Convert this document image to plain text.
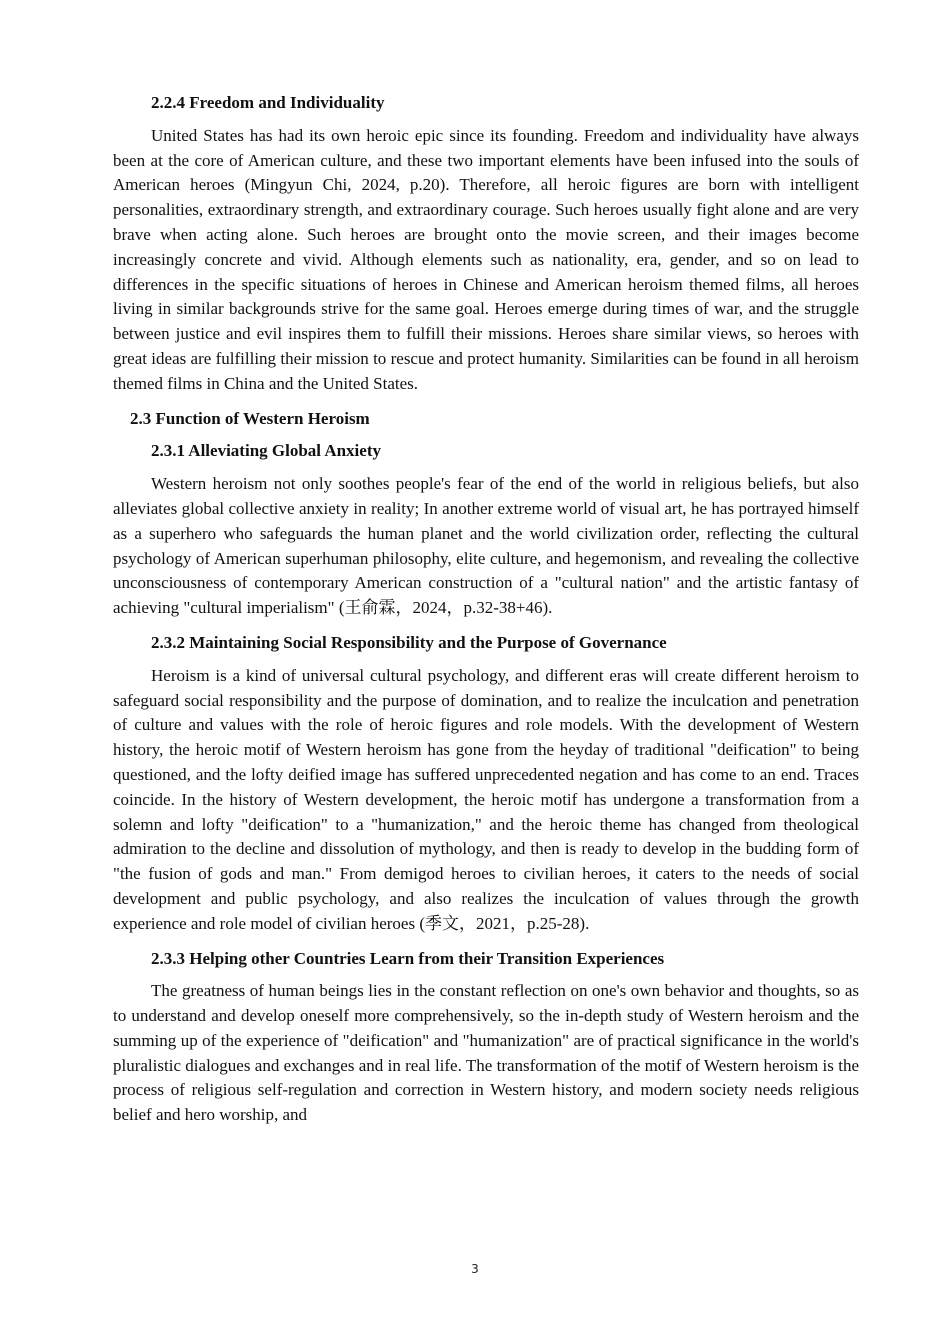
2.2.4 Freedom and Individuality

United States has had its own heroic epic since its founding. Freedom and individuality have always been at the core of American culture, and these two important elements have been infused into the souls of American heroes (Mingyun Chi, 2024, p.20). Therefore, all heroic figures are born with intelligent personalities, extraordinary strength, and extraordinary courage. Such heroes usually fight alone and are very brave when acting alone. Such heroes are brought onto the movie screen, and their images become increasingly concrete and vivid. Although elements such as nationality, era, gender, and so on lead to differences in the specific situations of heroes in Chinese and American heroism themed films, all heroes living in similar backgrounds strive for the same goal. Heroes emerge during times of war, and the struggle between justice and evil inspires them to fulfill their missions. Heroes share similar views, so heroes with great ideas are fulfilling their mission to rescue and protect humanity. Similarities can be found in all heroism themed films in China and the United States.

2.3 Function of Western Heroism
2.3.1 Alleviating Global Anxiety

Western heroism not only soothes people's fear of the end of the world in religious beliefs, but also alleviates global collective anxiety in reality; In another extreme world of visual art, he has portrayed himself as a superhero who safeguards the human planet and the world civilization order, reflecting the cultural psychology of American superhuman philosophy, elite culture, and hegemonism, and revealing the collective unconsciousness of contemporary American construction of a "cultural nation" and the artistic fantasy of achieving "cultural imperialism" (王俞霖，2024，p.32-38+46).

2.3.2 Maintaining Social Responsibility and the Purpose of Governance

Heroism is a kind of universal cultural psychology, and different eras will create different heroism to safeguard social responsibility and the purpose of domination, and to realize the inculcation and penetration of culture and values with the role of heroic figures and role models. With the development of Western history, the heroic motif of Western heroism has gone from the heyday of traditional "deification" to being questioned, and the lofty deified image has suffered unprecedented negation and has come to an end. Traces coincide. In the history of Western development, the heroic motif has undergone a transformation from a solemn and lofty "deification" to a "humanization," and the heroic theme has changed from theological admiration to the decline and dissolution of mythology, and then is ready to develop in the budding form of "the fusion of gods and man." From demigod heroes to civilian heroes, it caters to the needs of social development and public psychology, and also realizes the inculcation of values through the growth experience and role model of civilian heroes (季文，2021，p.25-28).

2.3.3 Helping other Countries Learn from their Transition Experiences

The greatness of human beings lies in the constant reflection on one's own behavior and thoughts, so as to understand and develop oneself more comprehensively, so the in-depth study of Western heroism and the summing up of the experience of "deification" and "humanization" are of practical significance in the world's pluralistic dialogues and exchanges and in real life. The transformation of the motif of Western heroism is the process of religious self-regulation and correction in Western history, and modern society needs religious belief and hero worship, and

3
